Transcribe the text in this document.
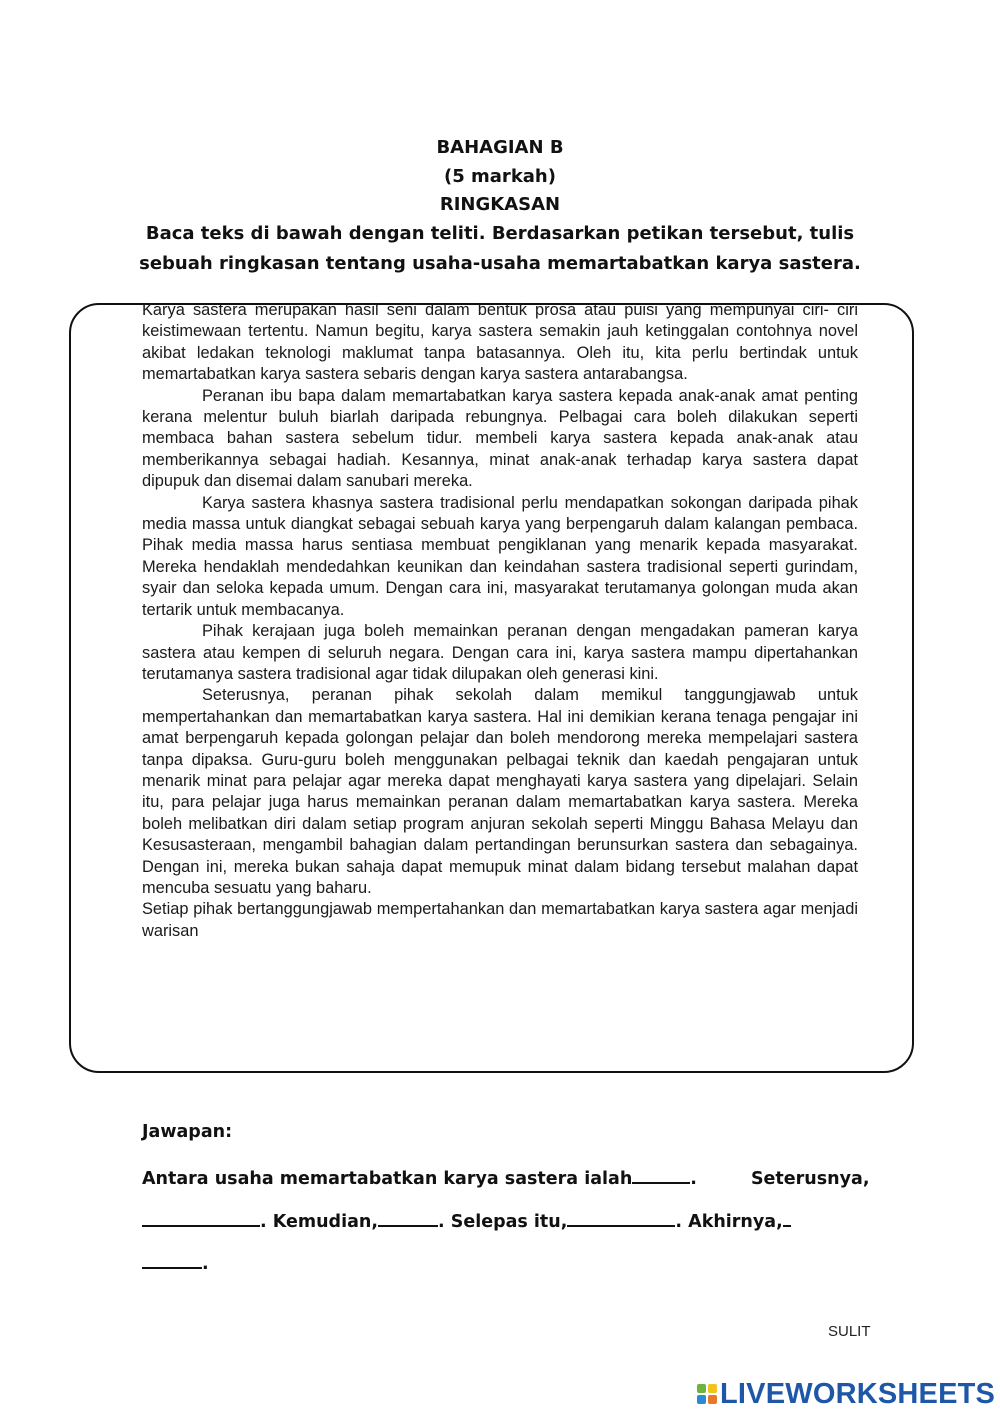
BAHAGIAN B
(5 markah)
RINGKASAN
Baca teks di bawah dengan teliti. Berdasarkan petikan tersebut, tulis
sebuah ringkasan tentang usaha-usaha memartabatkan karya sastera.

Karya sastera merupakan hasil seni dalam bentuk prosa atau puisi yang mempunyai ciri- ciri keistimewaan tertentu. Namun begitu, karya sastera semakin jauh ketinggalan contohnya novel akibat ledakan teknologi maklumat tanpa batasannya. Oleh itu, kita perlu bertindak untuk memartabatkan karya sastera sebaris dengan karya sastera antarabangsa.

Peranan ibu bapa dalam memartabatkan karya sastera kepada anak-anak amat penting kerana melentur buluh biarlah daripada rebungnya. Pelbagai cara boleh dilakukan seperti membaca bahan sastera sebelum tidur. membeli karya sastera kepada anak-anak atau memberikannya sebagai hadiah. Kesannya, minat anak-anak terhadap karya sastera dapat dipupuk dan disemai dalam sanubari mereka.

Karya sastera khasnya sastera tradisional perlu mendapatkan sokongan daripada pihak media massa untuk diangkat sebagai sebuah karya yang berpengaruh dalam kalangan pembaca. Pihak media massa harus sentiasa membuat pengiklanan yang menarik kepada masyarakat. Mereka hendaklah mendedahkan keunikan dan keindahan sastera tradisional seperti gurindam, syair dan seloka kepada umum. Dengan cara ini, masyarakat terutamanya golongan muda akan tertarik untuk membacanya.

Pihak kerajaan juga boleh memainkan peranan dengan mengadakan pameran karya sastera atau kempen di seluruh negara. Dengan cara ini, karya sastera mampu dipertahankan terutamanya sastera tradisional agar tidak dilupakan oleh generasi kini.

Seterusnya, peranan pihak sekolah dalam memikul tanggungjawab untuk mempertahankan dan memartabatkan karya sastera. Hal ini demikian kerana tenaga pengajar ini amat berpengaruh kepada golongan pelajar dan boleh mendorong mereka mempelajari sastera tanpa dipaksa. Guru-guru boleh menggunakan pelbagai teknik dan kaedah pengajaran untuk menarik minat para pelajar agar mereka dapat menghayati karya sastera yang dipelajari. Selain itu, para pelajar juga harus memainkan peranan dalam memartabatkan karya sastera. Mereka boleh melibatkan diri dalam setiap program anjuran sekolah seperti Minggu Bahasa Melayu dan Kesusasteraan, mengambil bahagian dalam pertandingan berunsurkan sastera dan sebagainya. Dengan ini, mereka bukan sahaja dapat memupuk minat dalam bidang tersebut malahan dapat mencuba sesuatu yang baharu.

Setiap pihak bertanggungjawab mempertahankan dan memartabatkan karya sastera agar menjadi warisan

Jawapan:
Antara usaha memartabatkan karya sastera ialah	.	Seterusnya,
. Kemudian,	. Selepas itu,	. Akhirnya,
.
SULIT
LIVEWORKSHEETS
